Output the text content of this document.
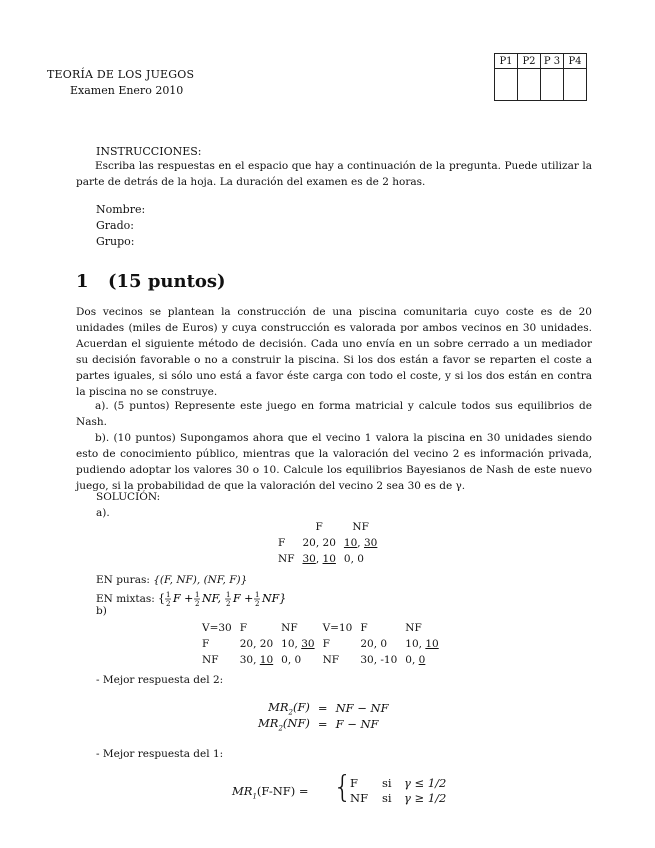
TEORÍA DE LOS JUEGOS
Examen Enero 2010
P1	P2	P 3	P4

INSTRUCCIONES:
Escriba las respuestas en el espacio que hay a continuación de la pregunta. Puede utilizar la parte de detrás de la hoja. La duración del examen es de 2 horas.
Nombre:
Grado:
Grupo:
1 (15 puntos)
Dos vecinos se plantean la construcción de una piscina comunitaria cuyo coste es de 20 unidades (miles de Euros) y cuya construcción es valorada por ambos vecinos en 30 unidades. Acuerdan el siguiente método de decisión. Cada uno envía en un sobre cerrado a un mediador su decisión favorable o no a construir la piscina. Si los dos están a favor se reparten el coste a partes iguales, si sólo uno está a favor éste carga con todo el coste, y si los dos están en contra la piscina no se construye.
a). (5 puntos) Represente este juego en forma matricial y calcule todos sus equilibrios de Nash.
b). (10 puntos) Supongamos ahora que el vecino 1 valora la piscina en 30 unidades siendo esto de conocimiento público, mientras que la valoración del vecino 2 es información privada, pudiendo adoptar los valores 30 o 10. Calcule los equilibrios Bayesianos de Nash de este nuevo juego, si la probabilidad de que la valoración del vecino 2 sea 30 es de γ.
SOLUCIÓN:
a).
	F	NF
F	20, 20	10, 30
NF	30, 10	0, 0
EN puras: {(F, NF), (NF, F)}
EN mixtas: { 1
2 F + 1
2 NF, 1
2 F + 1
2 NF}
b)
V=30	F	NF	V=10	F	NF
F	20, 20	10, 30	F	20, 0	10, 10
NF	30, 10	0, 0	NF	30, -10	0, 0
- Mejor respuesta del 2:
$MR_2(F)$	=	NF − NF
$MR_2(NF)$	=	F − NF
- Mejor respuesta del 1:
$MR_1(F-NF)$ = {
F si γ ≤ 1/2
NF si γ ≥ 1/2
